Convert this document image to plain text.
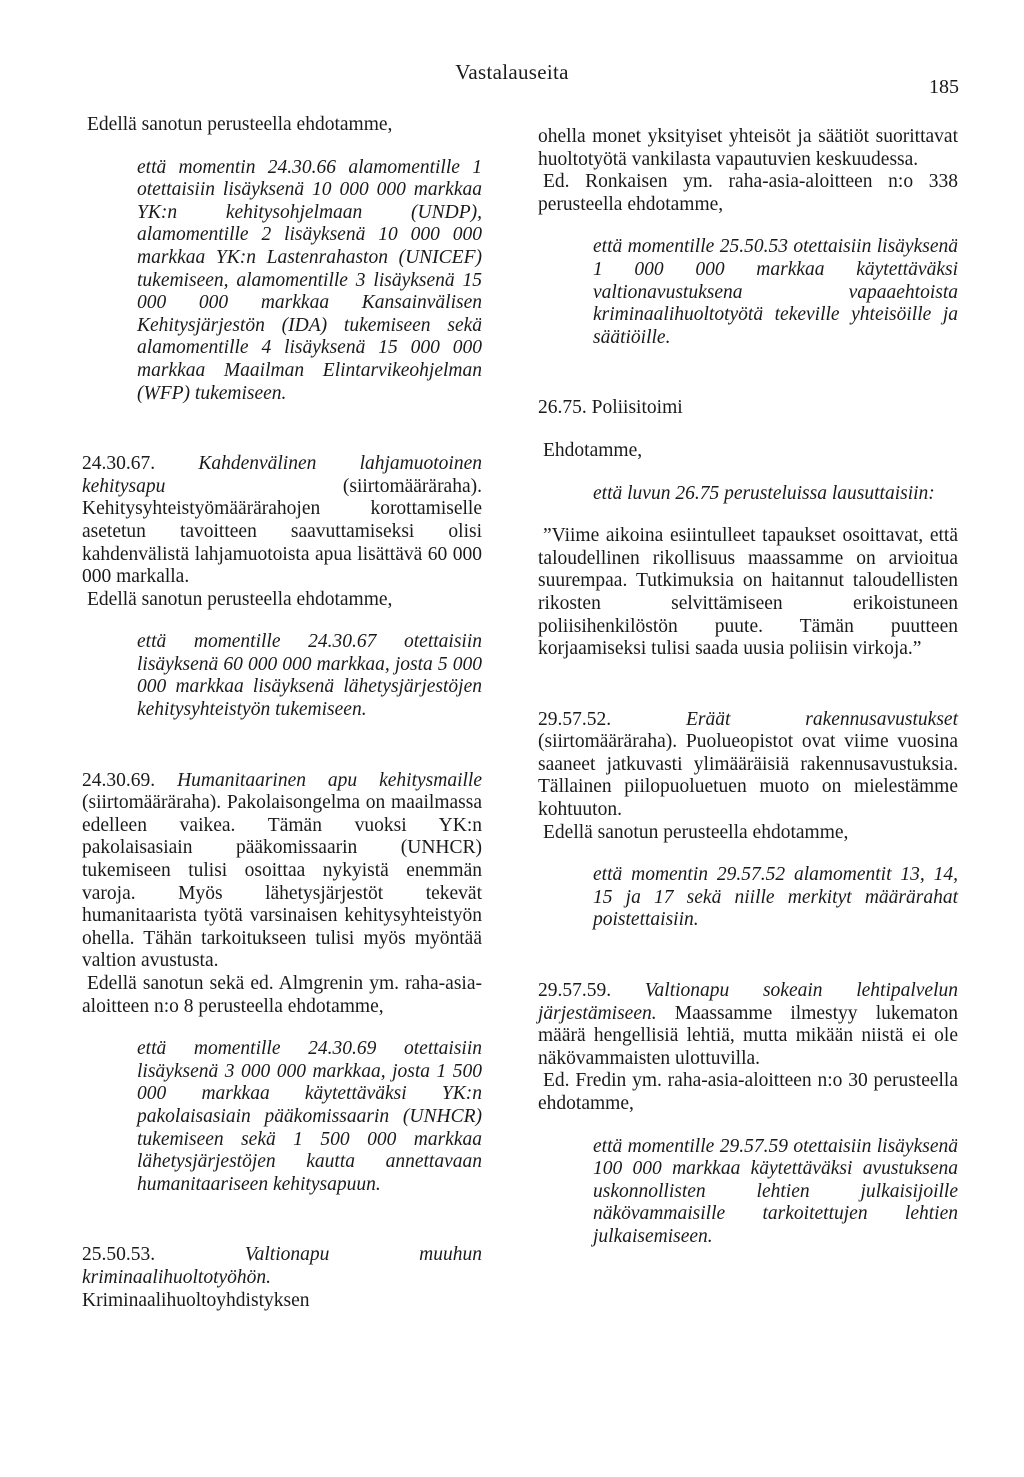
Vastalauseita
185

Edellä sanotun perusteella ehdotamme,

että momentin 24.30.66 alamomentille 1 otettaisiin lisäyksenä 10 000 000 markkaa YK:n kehitysohjelmaan (UNDP), alamomentille 2 lisäyksenä 10 000 000 markkaa YK:n Lastenrahaston (UNICEF) tukemiseen, alamomentille 3 lisäyksenä 15 000 000 markkaa Kansainvälisen Kehitysjärjestön (IDA) tukemiseen sekä alamomentille 4 lisäyksenä 15 000 000 markkaa Maailman Elintarvikeohjelman (WFP) tukemiseen.

24.30.67. Kahdenvälinen lahjamuotoinen kehitysapu	(siirtomääräraha). Kehitysyhteistyömäärärahojen korottamiselle asetetun tavoitteen saavuttamiseksi olisi kahdenvälistä lahjamuotoista apua lisättävä 60 000 000 markalla.

Edellä sanotun perusteella ehdotamme,

että momentille 24.30.67 otettaisiin lisäyksenä 60 000 000 markkaa, josta 5 000 000 markkaa lisäyksenä lähetysjärjestöjen kehitysyhteistyön tukemiseen.

24.30.69. Humanitaarinen apu kehitysmaille (siirtomääräraha). Pakolaisongelma on maailmassa edelleen vaikea. Tämän vuoksi YK:n pakolaisasiain pääkomissaarin (UNHCR) tukemiseen tulisi osoittaa nykyistä enemmän varoja. Myös lähetysjärjestöt tekevät humanitaarista työtä varsinaisen kehitysyhteistyön ohella. Tähän tarkoitukseen tulisi myös myöntää valtion avustusta.

Edellä sanotun sekä ed. Almgrenin ym. raha-asia-aloitteen n:o 8 perusteella ehdotamme,

että momentille 24.30.69 otettaisiin lisäyksenä 3 000 000 markkaa, josta 1 500 000 markkaa käytettäväksi YK:n pakolaisasiain pääkomissaarin (UNHCR) tukemiseen sekä 1 500 000 markkaa lähetysjärjestöjen kautta annettavaan humanitaariseen kehitysapuun.

25.50.53.	Valtionapu muuhun kriminaalihuoltotyöhön. Kriminaalihuoltoyhdistyksen

ohella monet yksityiset yhteisöt ja säätiöt suorittavat huoltotyötä vankilasta vapautuvien keskuudessa.

Ed. Ronkaisen ym. raha-asia-aloitteen n:o 338 perusteella ehdotamme,

että momentille 25.50.53 otettaisiin lisäyksenä 1 000 000 markkaa käytettäväksi valtionavustuksena vapaaehtoista kriminaalihuoltotyötä tekeville yhteisöille ja säätiöille.

26.75. Poliisitoimi

Ehdotamme,

että luvun 26.75 perusteluissa lausuttaisiin:

”Viime aikoina esiintulleet tapaukset osoittavat, että taloudellinen rikollisuus maassamme on arvioitua suurempaa. Tutkimuksia on haitannut taloudellisten rikosten selvittämiseen erikoistuneen poliisihenkilöstön puute. Tämän puutteen korjaamiseksi tulisi saada uusia poliisin virkoja.”

29.57.52.	Eräät rakennusavustukset (siirtomääräraha). Puolueopistot ovat viime vuosina saaneet jatkuvasti ylimääräisiä rakennusavustuksia. Tällainen piilopuoluetuen muoto on mielestämme kohtuuton.

Edellä sanotun perusteella ehdotamme,

että momentin 29.57.52 alamomentit 13, 14, 15 ja 17 sekä niille merkityt määrärahat poistettaisiin.

29.57.59. Valtionapu sokeain lehtipalvelun järjestämiseen. Maassamme ilmestyy lukematon määrä hengellisiä lehtiä, mutta mikään niistä ei ole näkövammaisten ulottuvilla.

Ed. Fredin ym. raha-asia-aloitteen n:o 30 perusteella ehdotamme,

että momentille 29.57.59 otettaisiin lisäyksenä 100 000 markkaa käytettäväksi avustuksena uskonnollisten lehtien julkaisijoille näkövammaisille tarkoitettujen lehtien julkaisemiseen.
